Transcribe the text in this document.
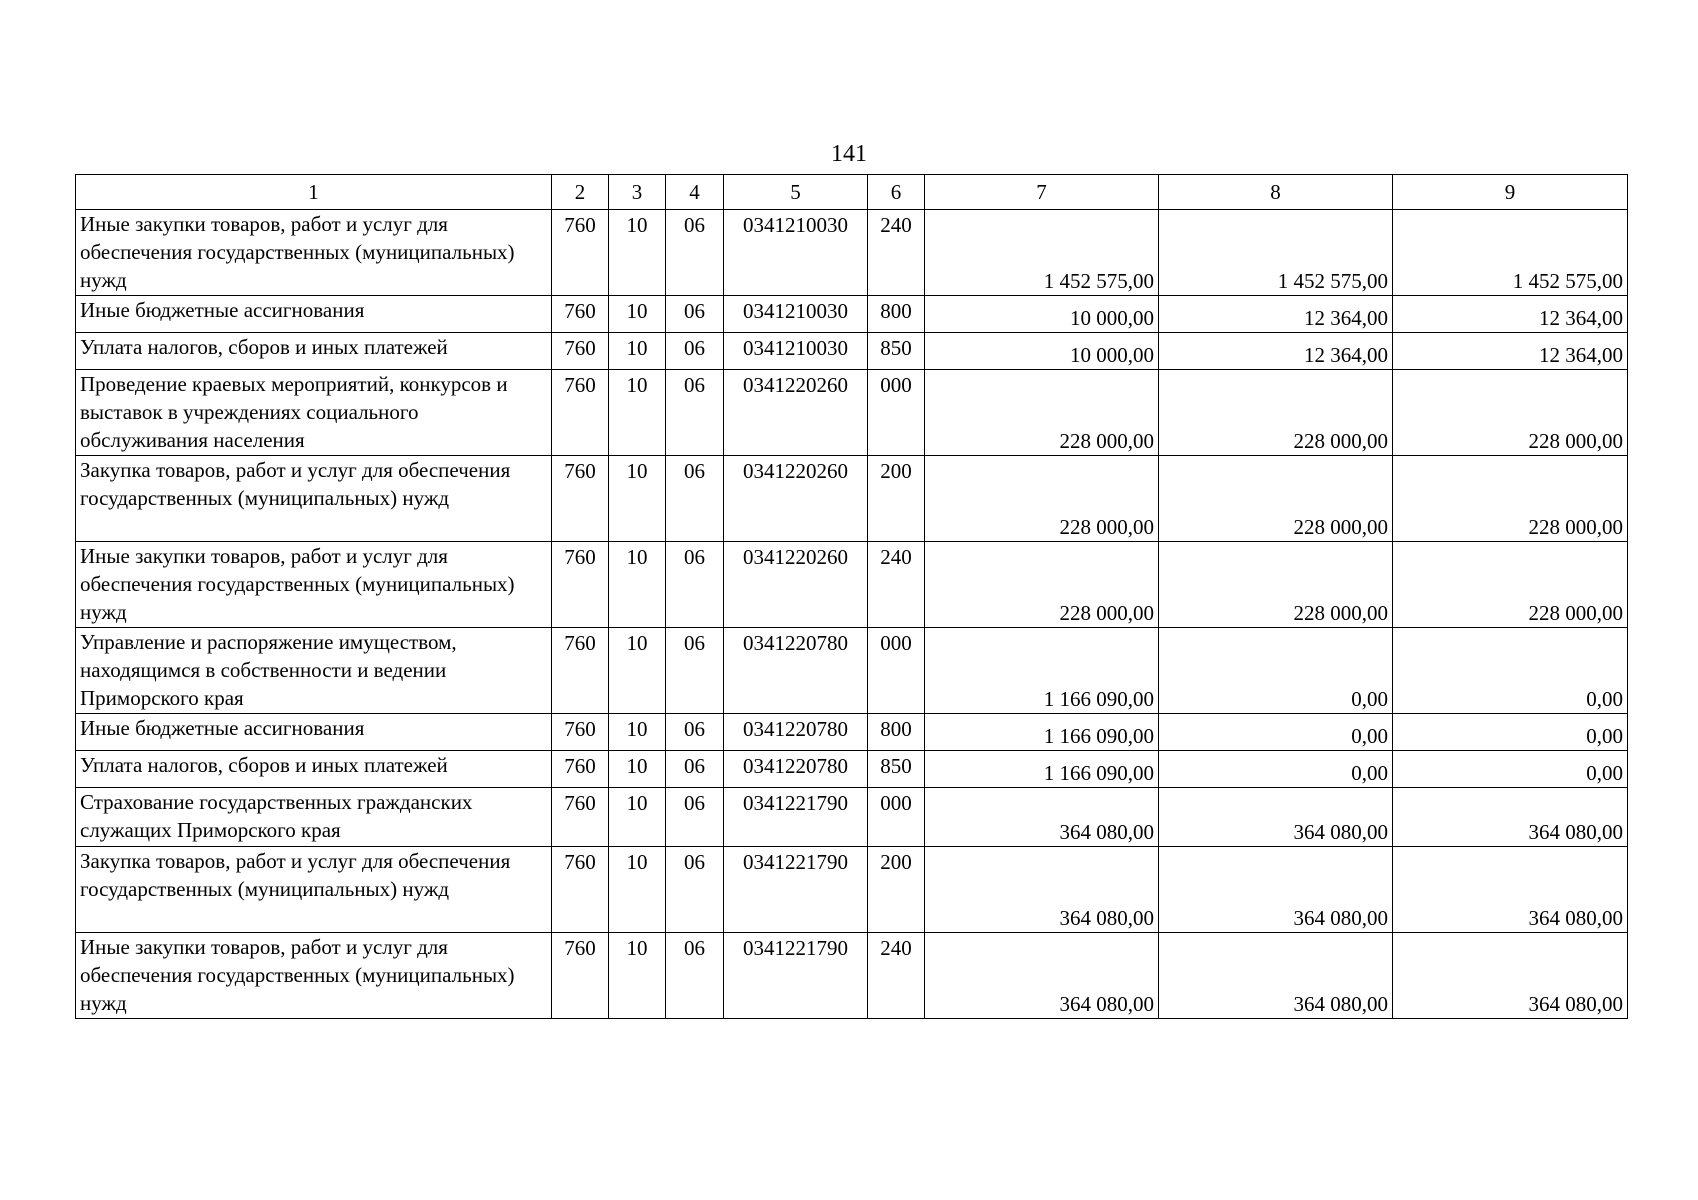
141
1	2	3	4	5	6	7	8	9
Иные закупки товаров, работ и услуг для обеспечения государственных (муниципальных) нужд	760	10	06	0341210030	240	1 452 575,00	1 452 575,00	1 452 575,00
Иные бюджетные ассигнования	760	10	06	0341210030	800	10 000,00	12 364,00	12 364,00
Уплата налогов, сборов и иных платежей	760	10	06	0341210030	850	10 000,00	12 364,00	12 364,00
Проведение краевых мероприятий, конкурсов и выставок в учреждениях социального обслуживания населения	760	10	06	0341220260	000	228 000,00	228 000,00	228 000,00
Закупка товаров, работ и услуг для обеспечения государственных (муниципальных) нужд	760	10	06	0341220260	200	228 000,00	228 000,00	228 000,00
Иные закупки товаров, работ и услуг для обеспечения государственных (муниципальных) нужд	760	10	06	0341220260	240	228 000,00	228 000,00	228 000,00
Управление и распоряжение имуществом, находящимся в собственности и ведении Приморского края	760	10	06	0341220780	000	1 166 090,00	0,00	0,00
Иные бюджетные ассигнования	760	10	06	0341220780	800	1 166 090,00	0,00	0,00
Уплата налогов, сборов и иных платежей	760	10	06	0341220780	850	1 166 090,00	0,00	0,00
Страхование государственных гражданских служащих Приморского края	760	10	06	0341221790	000	364 080,00	364 080,00	364 080,00
Закупка товаров, работ и услуг для обеспечения государственных (муниципальных) нужд	760	10	06	0341221790	200	364 080,00	364 080,00	364 080,00
Иные закупки товаров, работ и услуг для обеспечения государственных (муниципальных) нужд	760	10	06	0341221790	240	364 080,00	364 080,00	364 080,00
